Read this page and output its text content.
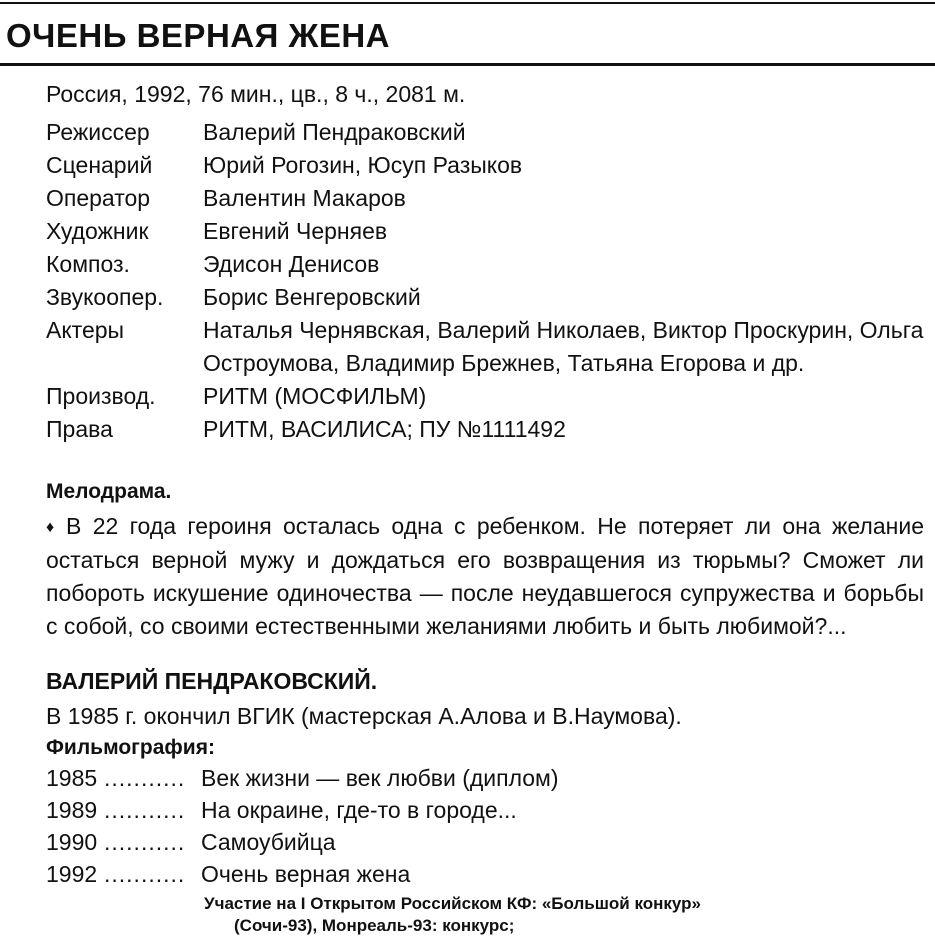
ОЧЕНЬ ВЕРНАЯ ЖЕНА
Россия, 1992, 76 мин., цв., 8 ч., 2081 м.
Режиссер	Валерий Пендраковский
Сценарий	Юрий Рогозин, Юсуп Разыков
Оператор	Валентин Макаров
Художник	Евгений Черняев
Композ.	Эдисон Денисов
Звукоопер.	Борис Венгеровский
Актеры	Наталья Чернявская, Валерий Николаев, Виктор Проскурин, Ольга Остроумова, Владимир Брежнев, Татьяна Егорова и др.
Производ.	РИТМ (МОСФИЛЬМ)
Права	РИТМ, ВАСИЛИСА; ПУ №1111492
Мелодрама.
♦ В 22 года героиня осталась одна с ребенком. Не потеряет ли она желание остаться верной мужу и дождаться его возвращения из тюрьмы? Сможет ли побороть искушение одиночества — после неудавшегося супружества и борьбы с собой, со своими естественными желаниями любить и быть любимой?...
ВАЛЕРИЙ ПЕНДРАКОВСКИЙ.
В 1985 г. окончил ВГИК (мастерская А.Алова и В.Наумова).
Фильмография:
1985 ........... Век жизни — век любви (диплом)
1989 ........... На окраине, где-то в городе...
1990 ........... Самоубийца
1992 ........... Очень верная жена
Участие на I Открытом Российском КФ: «Большой конкур»
(Сочи-93), Монреаль-93: конкурс;
